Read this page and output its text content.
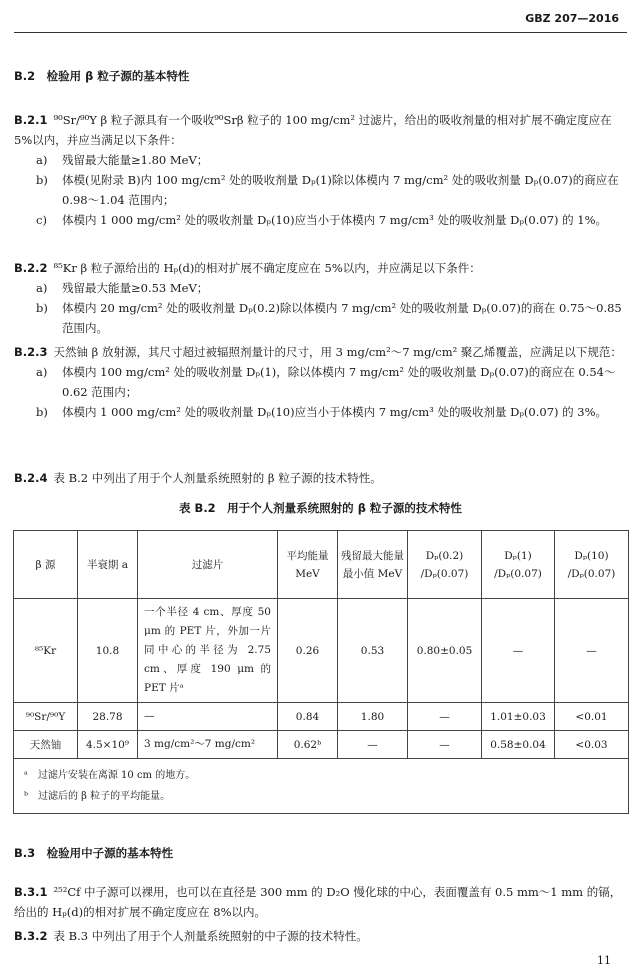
GBZ 207—2016
B.2　检验用 β 粒子源的基本特性
B.2.1 ⁹⁰Sr/⁹⁰Y β 粒子源具有一个吸收⁹⁰Srβ 粒子的 100 mg/cm² 过滤片，给出的吸收剂量的相对扩展不确定度应在 5%以内，并应当满足以下条件：
a) 残留最大能量≥1.80 MeV；
b) 体模(见附录 B)内 100 mg/cm² 处的吸收剂量 Dₚ(1)除以体模内 7 mg/cm² 处的吸收剂量 Dₚ(0.07)的商应在 0.98～1.04 范围内；
c) 体模内 1 000 mg/cm² 处的吸收剂量 Dₚ(10)应当小于体模内 7 mg/cm³ 处的吸收剂量 Dₚ(0.07) 的 1%。
B.2.2 ⁸⁵Kr β 粒子源给出的 Hₚ(d)的相对扩展不确定度应在 5%以内，并应满足以下条件：
a) 残留最大能量≥0.53 MeV；
b) 体模内 20 mg/cm² 处的吸收剂量 Dₚ(0.2)除以体模内 7 mg/cm² 处的吸收剂量 Dₚ(0.07)的商在 0.75～0.85 范围内。
B.2.3 天然铀 β 放射源，其尺寸超过被辐照剂量计的尺寸，用 3 mg/cm²～7 mg/cm² 聚乙烯覆盖，应满足以下规范：
a) 体模内 100 mg/cm² 处的吸收剂量 Dₚ(1)，除以体模内 7 mg/cm² 处的吸收剂量 Dₚ(0.07)的商应在 0.54～ 0.62 范围内；
b) 体模内 1 000 mg/cm² 处的吸收剂量 Dₚ(10)应当小于体模内 7 mg/cm³ 处的吸收剂量 Dₚ(0.07) 的 3%。
B.2.4 表 B.2 中列出了用于个人剂量系统照射的 β 粒子源的技术特性。
表 B.2　用于个人剂量系统照射的 β 粒子源的技术特性
β 源	半衰期 a	过滤片	平均能量 MeV	残留最大能量最小值 MeV	Dₚ(0.2) /Dₚ(0.07)	Dₚ(1) /Dₚ(0.07)	Dₚ(10) /Dₚ(0.07)
⁸⁵Kr	10.8	一个半径 4 cm、厚度 50 μm 的 PET 片，外加一片同中心的半径为 2.75 cm、厚度 190 μm 的 PET 片ᵃ	0.26	0.53	0.80±0.05	—	—
⁹⁰Sr/⁹⁰Y	28.78	—	0.84	1.80	—	1.01±0.03	<0.01
天然铀	4.5×10⁹	3 mg/cm²～7 mg/cm²	0.62ᵇ	—	—	0.58±0.04	<0.03

ᵃ　过滤片安装在离源 10 cm 的地方。
ᵇ　过滤后的 β 粒子的平均能量。							
B.3　检验用中子源的基本特性
B.3.1 ²⁵²Cf 中子源可以裸用，也可以在直径是 300 mm 的 D₂O 慢化球的中心，表面覆盖有 0.5 mm～1 mm 的镉，给出的 Hₚ(d)的相对扩展不确定度应在 8%以内。
B.3.2 表 B.3 中列出了用于个人剂量系统照射的中子源的技术特性。
11
